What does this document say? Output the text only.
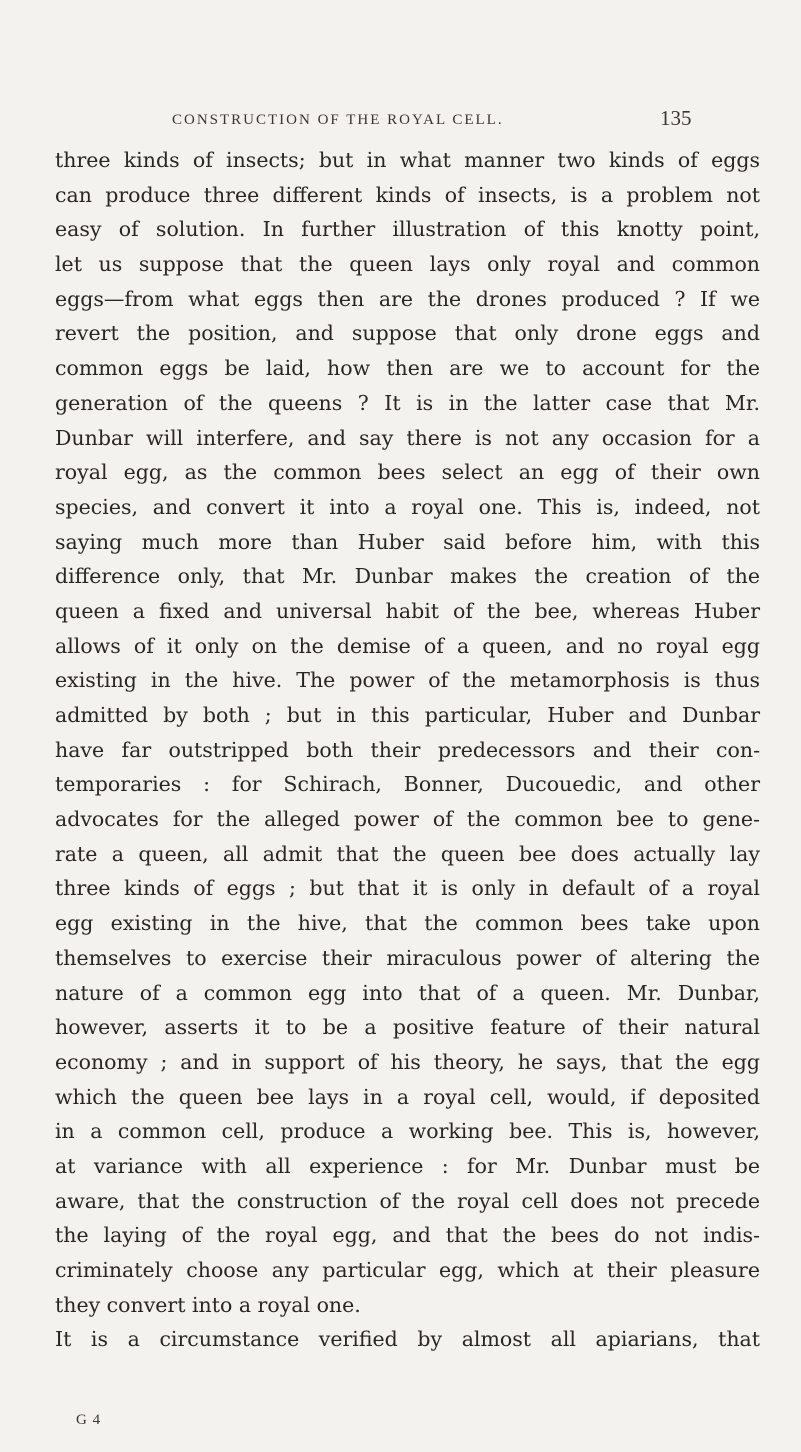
CONSTRUCTION OF THE ROYAL CELL.	135
three kinds of insects; but in what manner two kinds of eggs
can produce three different kinds of insects, is a problem not
easy of solution. In further illustration of this knotty point,
let us suppose that the queen lays only royal and common
eggs—from what eggs then are the drones produced ? If we
revert the position, and suppose that only drone eggs and
common eggs be laid, how then are we to account for the
generation of the queens ? It is in the latter case that Mr.
Dunbar will interfere, and say there is not any occasion for a
royal egg, as the common bees select an egg of their own
species, and convert it into a royal one. This is, indeed, not
saying much more than Huber said before him, with this
difference only, that Mr. Dunbar makes the creation of the
queen a fixed and universal habit of the bee, whereas Huber
allows of it only on the demise of a queen, and no royal egg
existing in the hive. The power of the metamorphosis is thus
admitted by both ; but in this particular, Huber and Dunbar
have far outstripped both their predecessors and their con-
temporaries : for Schirach, Bonner, Ducouedic, and other
advocates for the alleged power of the common bee to gene-
rate a queen, all admit that the queen bee does actually lay
three kinds of eggs ; but that it is only in default of a royal
egg existing in the hive, that the common bees take upon
themselves to exercise their miraculous power of altering the
nature of a common egg into that of a queen. Mr. Dunbar,
however, asserts it to be a positive feature of their natural
economy ; and in support of his theory, he says, that the egg
which the queen bee lays in a royal cell, would, if deposited
in a common cell, produce a working bee. This is, however,
at variance with all experience : for Mr. Dunbar must be
aware, that the construction of the royal cell does not precede
the laying of the royal egg, and that the bees do not indis-
criminately choose any particular egg, which at their pleasure
they convert into a royal one.
It is a circumstance verified by almost all apiarians, that
G 4
